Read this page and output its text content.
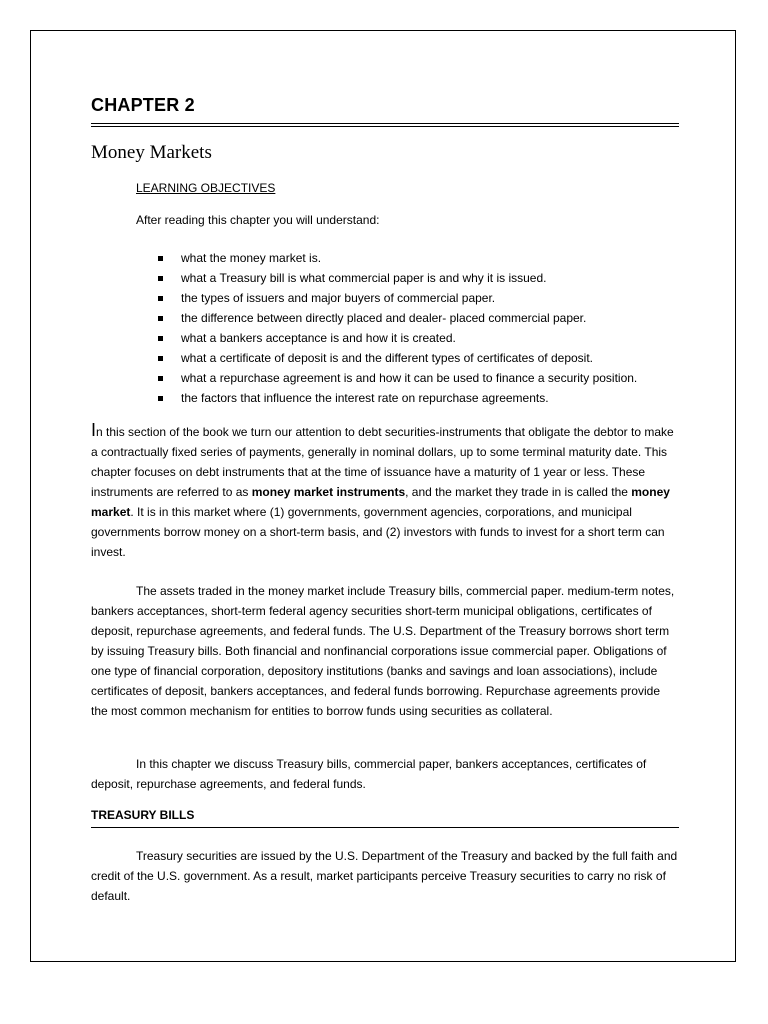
CHAPTER 2
Money Markets

LEARNING OBJECTIVES

After reading this chapter you will understand:

what the money market is.
what a Treasury bill is what commercial paper is and why it is issued.
the types of issuers and major buyers of commercial paper.
the difference between directly placed and dealer- placed commercial paper.
what a bankers acceptance is and how it is created.
what a certificate of deposit is and the different types of certificates of deposit.
what a repurchase agreement is and how it can be used to finance a security position.
the factors that influence the interest rate on repurchase agreements.

In this section of the book we turn our attention to debt securities-instruments that obligate the debtor to make a contractually fixed series of payments, generally in nominal dollars, up to some terminal maturity date. This chapter focuses on debt instruments that at the time of issuance have a maturity of 1 year or less. These instruments are referred to as money market instruments, and the market they trade in is called the money market. It is in this market where (1) governments, government agencies, corporations, and municipal governments borrow money on a short-term basis, and (2) investors with funds to invest for a short term can invest.

The assets traded in the money market include Treasury bills, commercial paper. medium-term notes, bankers acceptances, short-term federal agency securities short-term municipal obligations, certificates of deposit, repurchase agreements, and federal funds. The U.S. Department of the Treasury borrows short term by issuing Treasury bills. Both financial and nonfinancial corporations issue commercial paper. Obligations of one type of financial corporation, depository institutions (banks and savings and loan associations), include certificates of deposit, bankers acceptances, and federal funds borrowing. Repurchase agreements provide the most common mechanism for entities to borrow funds using securities as collateral.

In this chapter we discuss Treasury bills, commercial paper, bankers acceptances, certificates of deposit, repurchase agreements, and federal funds.

TREASURY BILLS

Treasury securities are issued by the U.S. Department of the Treasury and backed by the full faith and credit of the U.S. government. As a result, market participants perceive Treasury securities to carry no risk of default.
